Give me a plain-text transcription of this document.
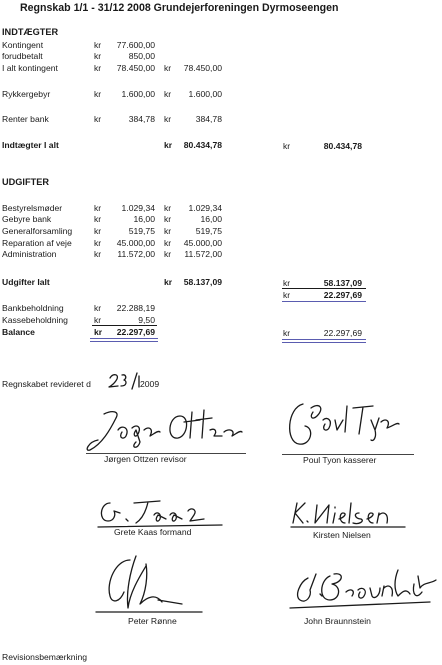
Regnskab 1/1 - 31/12 2008 Grundejerforeningen Dyrmoseengen
INDTÆGTER
Kontingent	kr	77.600,00
forudbetalt	kr	850,00
I alt kontingent	kr	78.450,00 kr	78.450,00
Rykkergebyr	kr	1.600,00 kr	1.600,00
Renter bank	kr	384,78 kr	384,78
Indtægter I alt	kr	80.434,78	kr	80.434,78
UDGIFTER
Bestyrelsmøder	kr	1.029,34 kr	1.029,34
Gebyre bank	kr	16,00 kr	16,00
Generalforsamling	kr	519,75 kr	519,75
Reparation af veje	kr	45.000,00 kr	45.000,00
Administration	kr	11.572,00 kr	11.572,00
Udgifter Ialt	kr	58.137,09	kr	58.137,09
kr	22.297,69
Bankbeholdning	kr	22.288,19
Kassebeholdning	kr	9,50
Balance	kr	22.297,69	kr	22.297,69
Regnskabet revideret d	2009
Jørgen Ottzen revisor	Poul Tyon kasserer
Grete Kaas formand	Kirsten Nielsen
Peter Rønne	John Braunnstein
Revisionsbemærkning
